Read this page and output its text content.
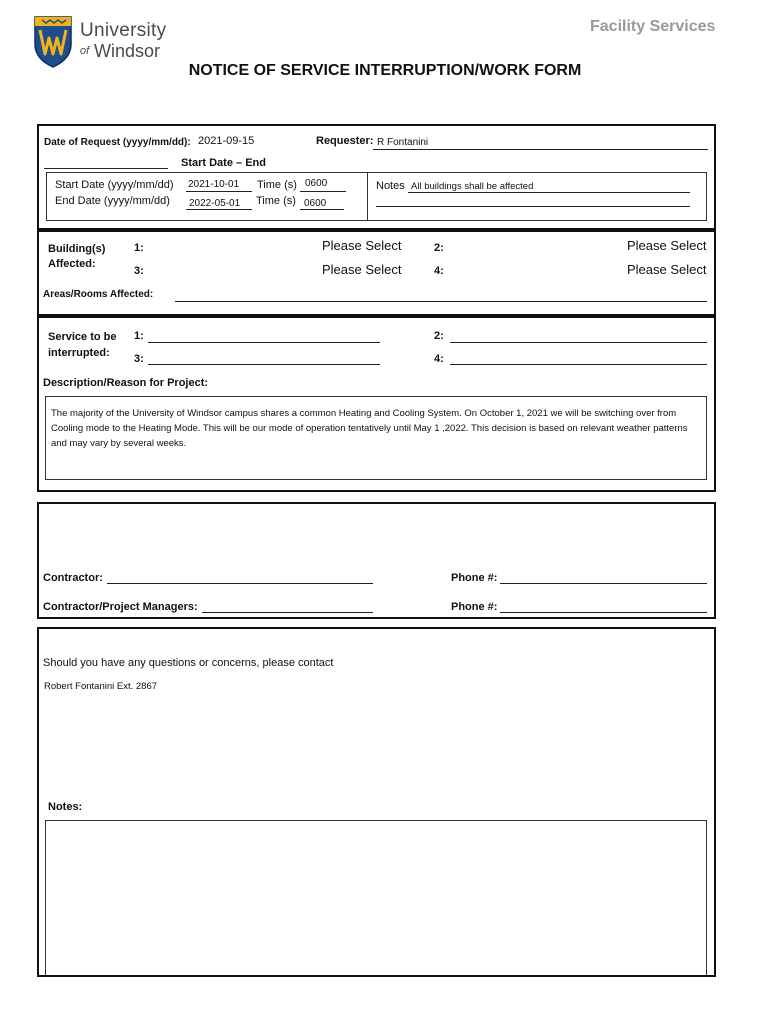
University
of Windsor
Facility Services
NOTICE OF SERVICE INTERRUPTION/WORK FORM
Date of Request (yyyy/mm/dd): 2021-09-15	Requester: R Fontanini
Start Date – End
Start Date (yyyy/mm/dd) 2021-10-01 Time (s) 0600
End Date (yyyy/mm/dd) 2022-05-01 Time (s) 0600
Notes All buildings shall be affected
Building(s)
Affected:
1:	Please Select	2:	Please Select
3:	Please Select	4:	Please Select
Areas/Rooms Affected:
Service to be
interrupted:
1:	2:
3:	4:
Description/Reason for Project:
The majority of the University of Windsor campus shares a common Heating and Cooling System. On October 1, 2021 we will be switching over from Cooling mode to the Heating Mode. This will be our mode of operation tentatively until May 1 ,2022. This decision is based on relevant weather patterns and may vary by several weeks.
Contractor:	Phone #:
Contractor/Project Managers:	Phone #:
Should you have any questions or concerns, please contact
Robert Fontanini Ext. 2867
Notes:
